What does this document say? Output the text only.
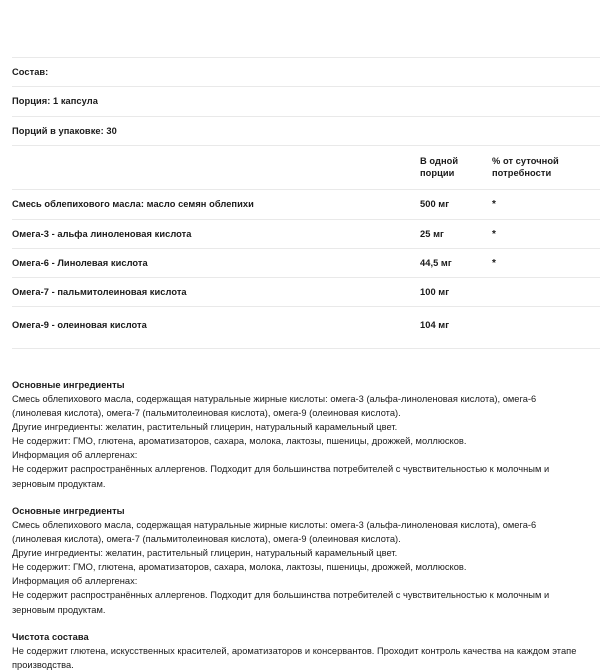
Состав:		
Порция: 1 капсула		
Порций в упаковке: 30		
	В одной порции	% от суточной потребности
Смесь облепихового масла: масло семян облепихи	500 мг	*
Омега-3 - альфа линоленовая кислота	25 мг	*
Омега-6 - Линолевая кислота	44,5 мг	*
Омега-7 - пальмитолеиновая кислота	100 мг	
Омега-9 - олеиновая кислота	104 мг	

Основные ингредиенты

Смесь облепихового масла, содержащая натуральные жирные кислоты: омега-3 (альфа-линоленовая кислота), омега-6 (линолевая кислота), омега-7 (пальмитолеиновая кислота), омега-9 (олеиновая кислота).

Другие ингредиенты: желатин, растительный глицерин, натуральный карамельный цвет.

Не содержит: ГМО, глютена, ароматизаторов, сахара, молока, лактозы, пшеницы, дрожжей, моллюсков.

Информация об аллергенах:

Не содержит распространённых аллергенов. Подходит для большинства потребителей с чувствительностью к молочным и зерновым продуктам.

Основные ингредиенты

Смесь облепихового масла, содержащая натуральные жирные кислоты: омега-3 (альфа-линоленовая кислота), омега-6 (линолевая кислота), омега-7 (пальмитолеиновая кислота), омега-9 (олеиновая кислота).

Другие ингредиенты: желатин, растительный глицерин, натуральный карамельный цвет.

Не содержит: ГМО, глютена, ароматизаторов, сахара, молока, лактозы, пшеницы, дрожжей, моллюсков.

Информация об аллергенах:

Не содержит распространённых аллергенов. Подходит для большинства потребителей с чувствительностью к молочным и зерновым продуктам.

Чистота состава

Не содержит глютена, искусственных красителей, ароматизаторов и консервантов. Проходит контроль качества на каждом этапе производства.
